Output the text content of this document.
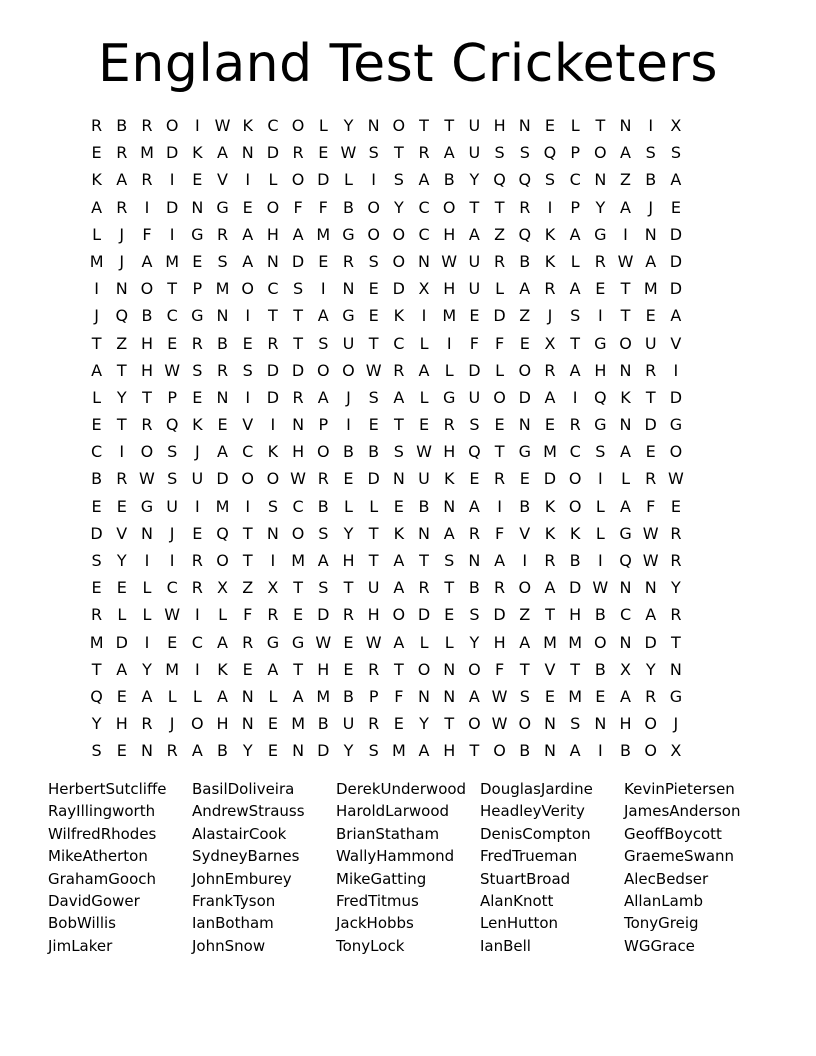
England Test Cricketers
R B R O	I W K C O L Y N O T T U H N E L T N	I	X
E R M D K A N D R E W S T R A U S S Q P O A S S
K A R	I	E V	I	L O D L	I	S A B Y Q Q S C N Z B A
A R	I	D N G E O F F B O Y C O T T R	I	P Y A	J	E
L	J	F	I	G R A H A M G O O C H A Z Q K A G	I	N D
M J	A M E S A N D E R S O N W U R B K L R W A D
I	N O T P M O C S	I	N E D X H U L A R A E T M D
J	Q B C G N	I	T T A G E K	I M E D Z	J	S	I	T E A
T Z H E R B E R T S U T C L	I	F F E X T G O U V
A T H W S R S D D O O W R A L D L O R A H N R	I
L Y T P E N	I	D R A	J	S A L G U O D A	I	Q K T D
E T R Q K E V	I	N P	I	E T E R S E N E R G N D G
C	I	O S	J	A C K H O B B S W H Q T G M C S A E O
B R W S U D O O W R E D N U K E R E D O	I	L R W
E E G U	I M I	S C B L	L E B N A	I	B K O L A F E
D V N	J	E Q T N O S Y T K N A R F V K K L G W R
S Y	I	I	R O T	I M A H T A T S N A	I	R B	I	Q W R
E E L C R X Z X T S T U A R T B R O A D W N N Y
R L	L W I	L	F R E D R H O D E S D Z T H B C A R
M D	I	E C A R G G W E W A L	L Y H A M M O N D T
T A Y M I	K E A T H E R T O N O F T V T B X Y N
Q E A L	L A N L A M B P F N N A W S E M E A R G
Y H R	J	O H N E M B U R E Y T O W O N S N H O	J
S E N R A B Y E N D Y S M A H T O B N A	I	B O X
HerbertSutcliffe
RayIllingworth
WilfredRhodes
MikeAtherton
GrahamGooch
DavidGower
BobWillis
JimLaker
BasilDoliveira
AndrewStrauss
AlastairCook
SydneyBarnes
JohnEmburey
FrankTyson
IanBotham
JohnSnow
DerekUnderwood
HaroldLarwood
BrianStatham
WallyHammond
MikeGatting
FredTitmus
JackHobbs
TonyLock
DouglasJardine
HeadleyVerity
DenisCompton
FredTrueman
StuartBroad
AlanKnott
LenHutton
IanBell
KevinPietersen
JamesAnderson
GeoffBoycott
GraemeSwann
AlecBedser
AllanLamb
TonyGreig
WGGrace
